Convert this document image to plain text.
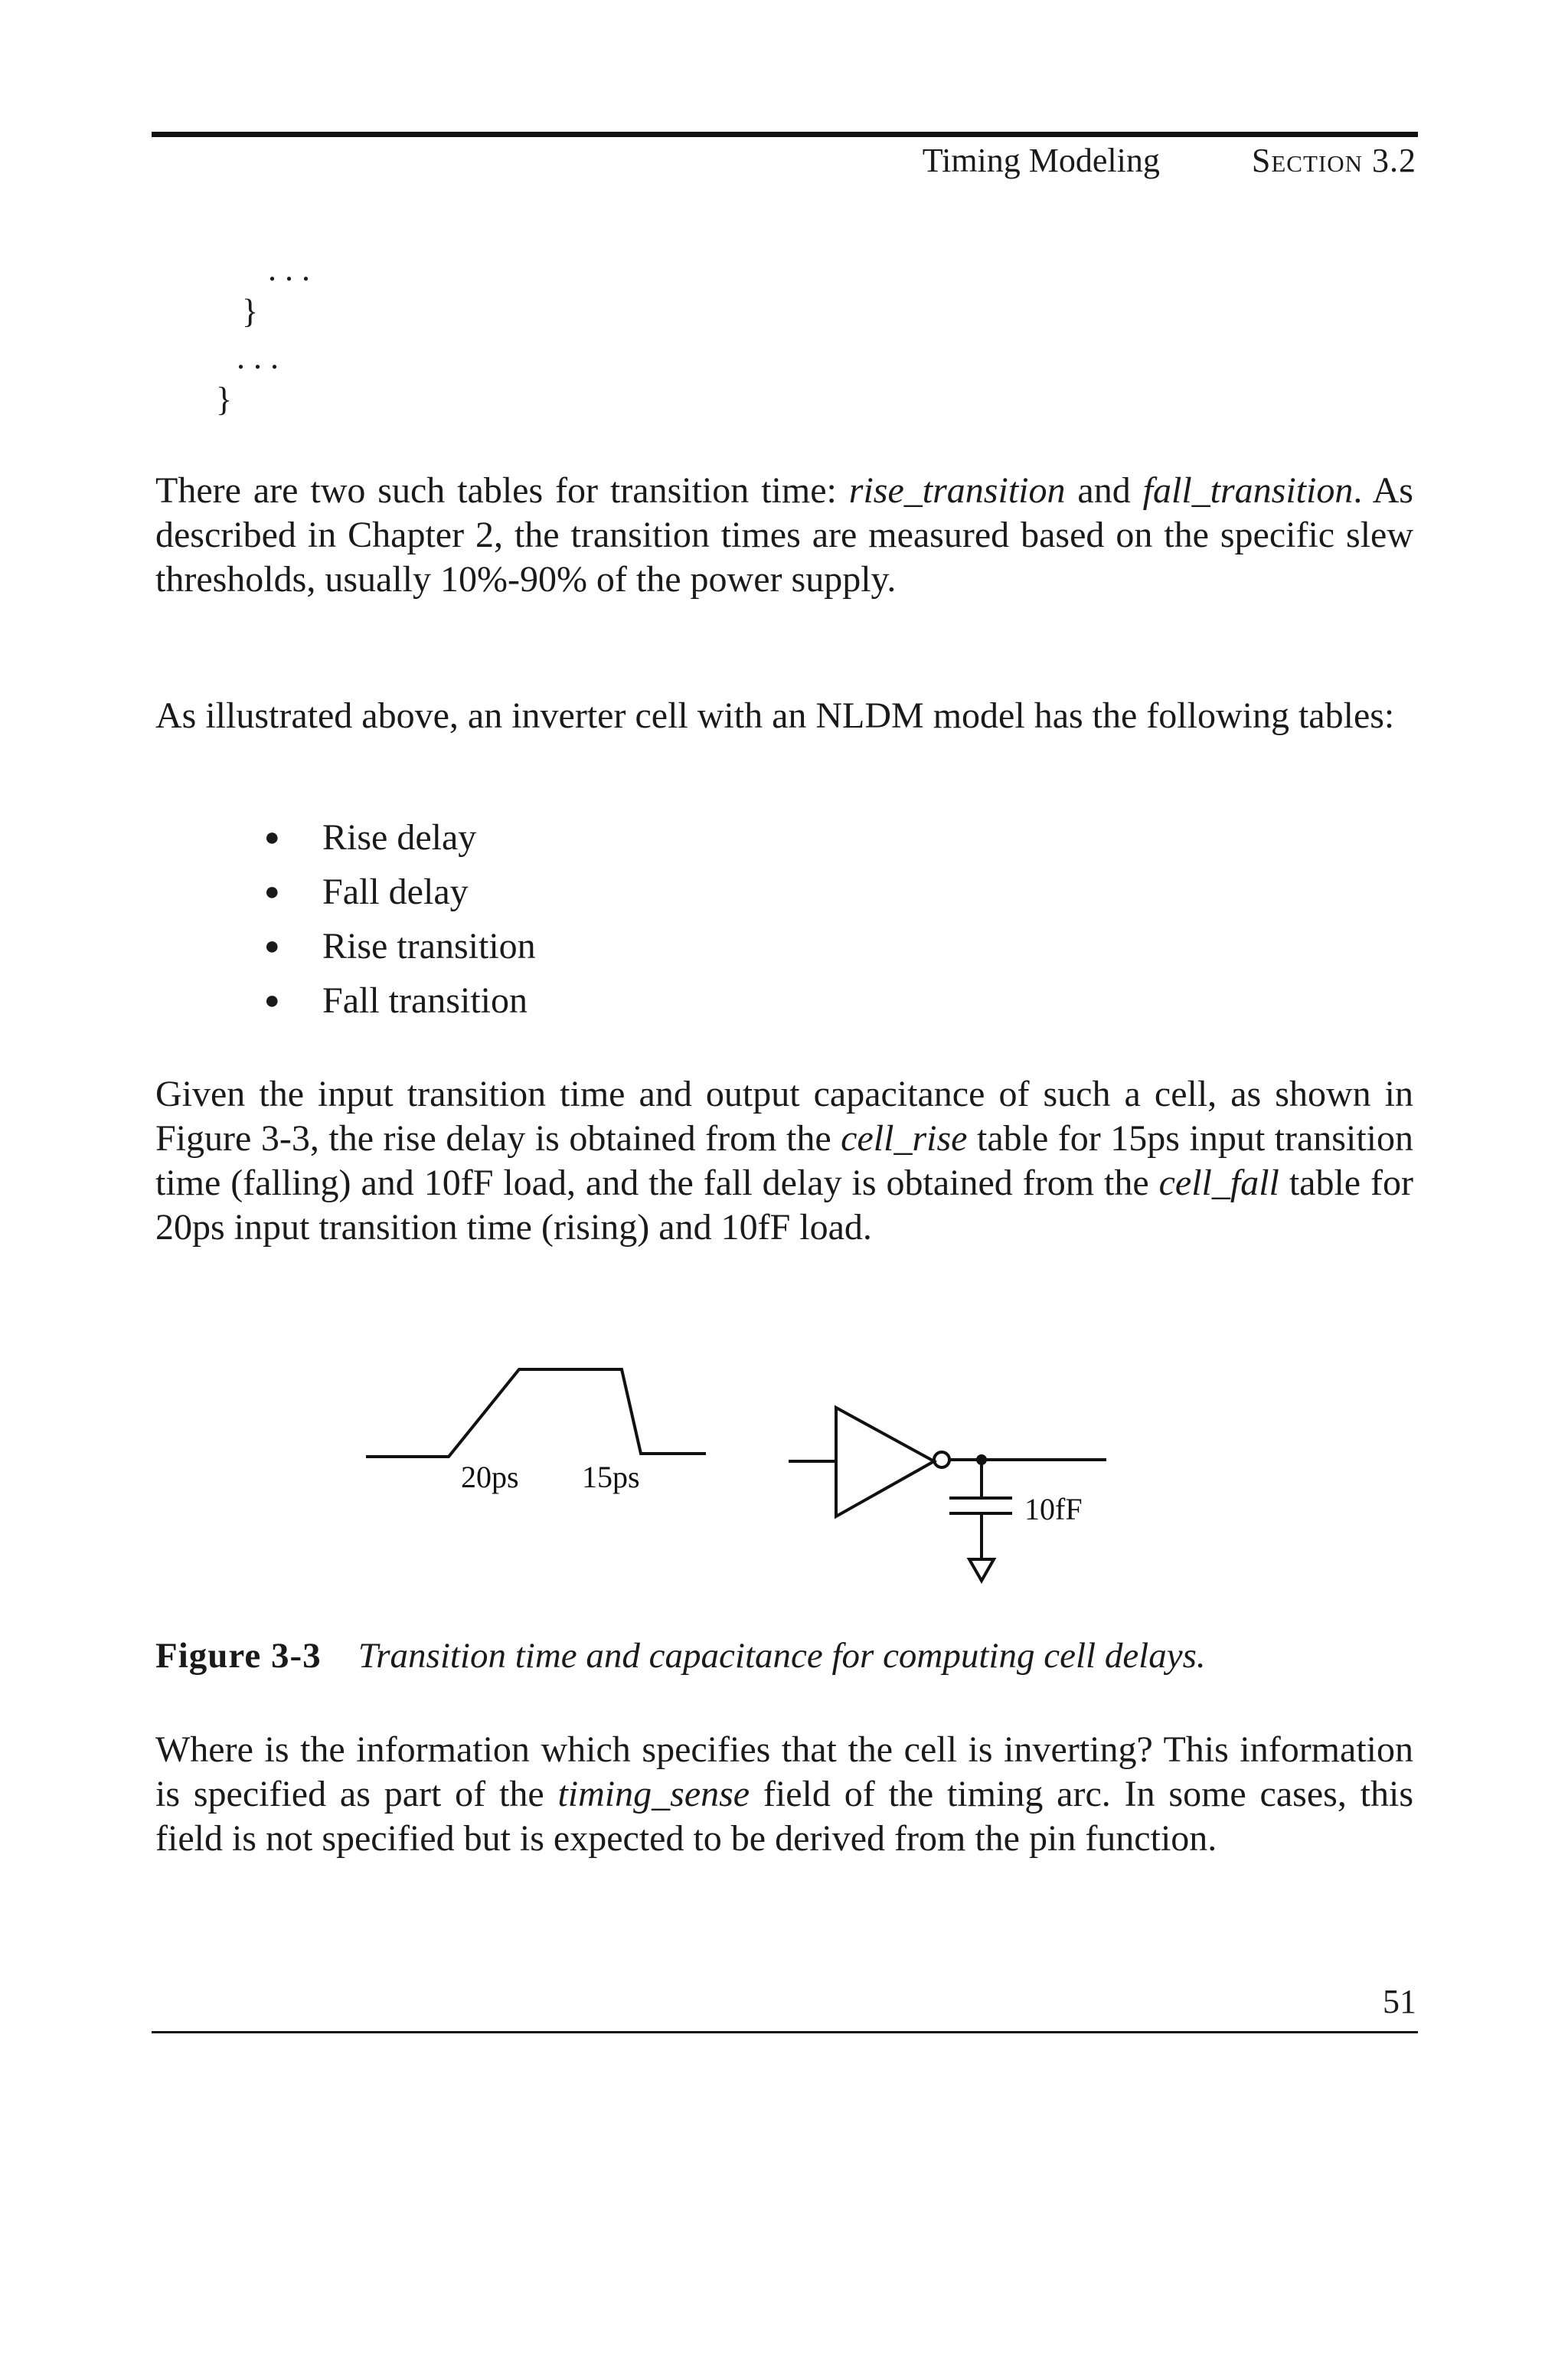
Timing Modeling	Section 3.2
. . .
}
. . .
}

There are two such tables for transition time: rise_transition and fall_transition. As described in Chapter 2, the transition times are measured based on the specific slew thresholds, usually 10%-90% of the power supply.

As illustrated above, an inverter cell with an NLDM model has the following tables:

●	Rise delay
●	Fall delay
●	Rise transition
●	Fall transition

Given the input transition time and output capacitance of such a cell, as shown in Figure 3-3, the rise delay is obtained from the cell_rise table for 15ps input transition time (falling) and 10fF load, and the fall delay is obtained from the cell_fall table for 20ps input transition time (rising) and 10fF load.

20ps 15ps
10fF
Figure 3-3 Transition time and capacitance for computing cell delays.

Where is the information which specifies that the cell is inverting? This information is specified as part of the timing_sense field of the timing arc. In some cases, this field is not specified but is expected to be derived from the pin function.

51
